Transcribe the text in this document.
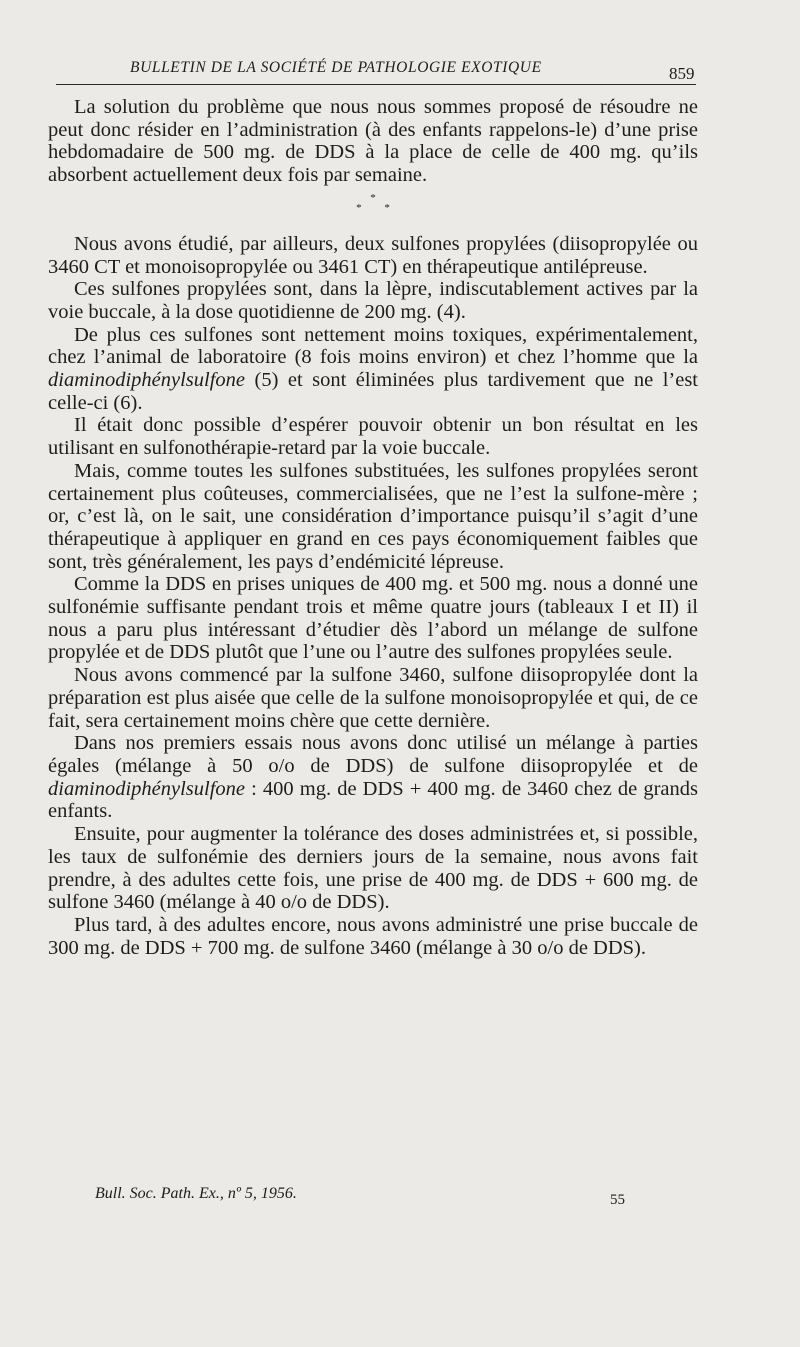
BULLETIN DE LA SOCIÉTÉ DE PATHOLOGIE EXOTIQUE	859

La solution du problème que nous nous sommes proposé de résoudre ne peut donc résider en l’administration (à des enfants rappelons-le) d’une prise hebdomadaire de 500 mg. de DDS à la place de celle de 400 mg. qu’ils absorbent actuellement deux fois par semaine.

*
* *

Nous avons étudié, par ailleurs, deux sulfones propylées (diisopropylée ou 3460 CT et monoisopropylée ou 3461 CT) en thérapeutique antilépreuse.

Ces sulfones propylées sont, dans la lèpre, indiscutablement actives par la voie buccale, à la dose quotidienne de 200 mg. (4).

De plus ces sulfones sont nettement moins toxiques, expérimentalement, chez l’animal de laboratoire (8 fois moins environ) et chez l’homme que la diaminodiphénylsulfone (5) et sont éliminées plus tardivement que ne l’est celle-ci (6).

Il était donc possible d’espérer pouvoir obtenir un bon résultat en les utilisant en sulfonothérapie-retard par la voie buccale.

Mais, comme toutes les sulfones substituées, les sulfones propylées seront certainement plus coûteuses, commercialisées, que ne l’est la sulfone-mère ; or, c’est là, on le sait, une considération d’importance puisqu’il s’agit d’une thérapeutique à appliquer en grand en ces pays économiquement faibles que sont, très généralement, les pays d’endémicité lépreuse.

Comme la DDS en prises uniques de 400 mg. et 500 mg. nous a donné une sulfonémie suffisante pendant trois et même quatre jours (tableaux I et II) il nous a paru plus intéressant d’étudier dès l’abord un mélange de sulfone propylée et de DDS plutôt que l’une ou l’autre des sulfones propylées seule.

Nous avons commencé par la sulfone 3460, sulfone diisopropylée dont la préparation est plus aisée que celle de la sulfone monoisopropylée et qui, de ce fait, sera certainement moins chère que cette dernière.

Dans nos premiers essais nous avons donc utilisé un mélange à parties égales (mélange à 50 o/o de DDS) de sulfone diisopropylée et de diaminodiphénylsulfone : 400 mg. de DDS + 400 mg. de 3460 chez de grands enfants.

Ensuite, pour augmenter la tolérance des doses administrées et, si possible, les taux de sulfonémie des derniers jours de la semaine, nous avons fait prendre, à des adultes cette fois, une prise de 400 mg. de DDS + 600 mg. de sulfone 3460 (mélange à 40 o/o de DDS).

Plus tard, à des adultes encore, nous avons administré une prise buccale de 300 mg. de DDS + 700 mg. de sulfone 3460 (mélange à 30 o/o de DDS).

Bull. Soc. Path. Ex., nº 5, 1956.	55
